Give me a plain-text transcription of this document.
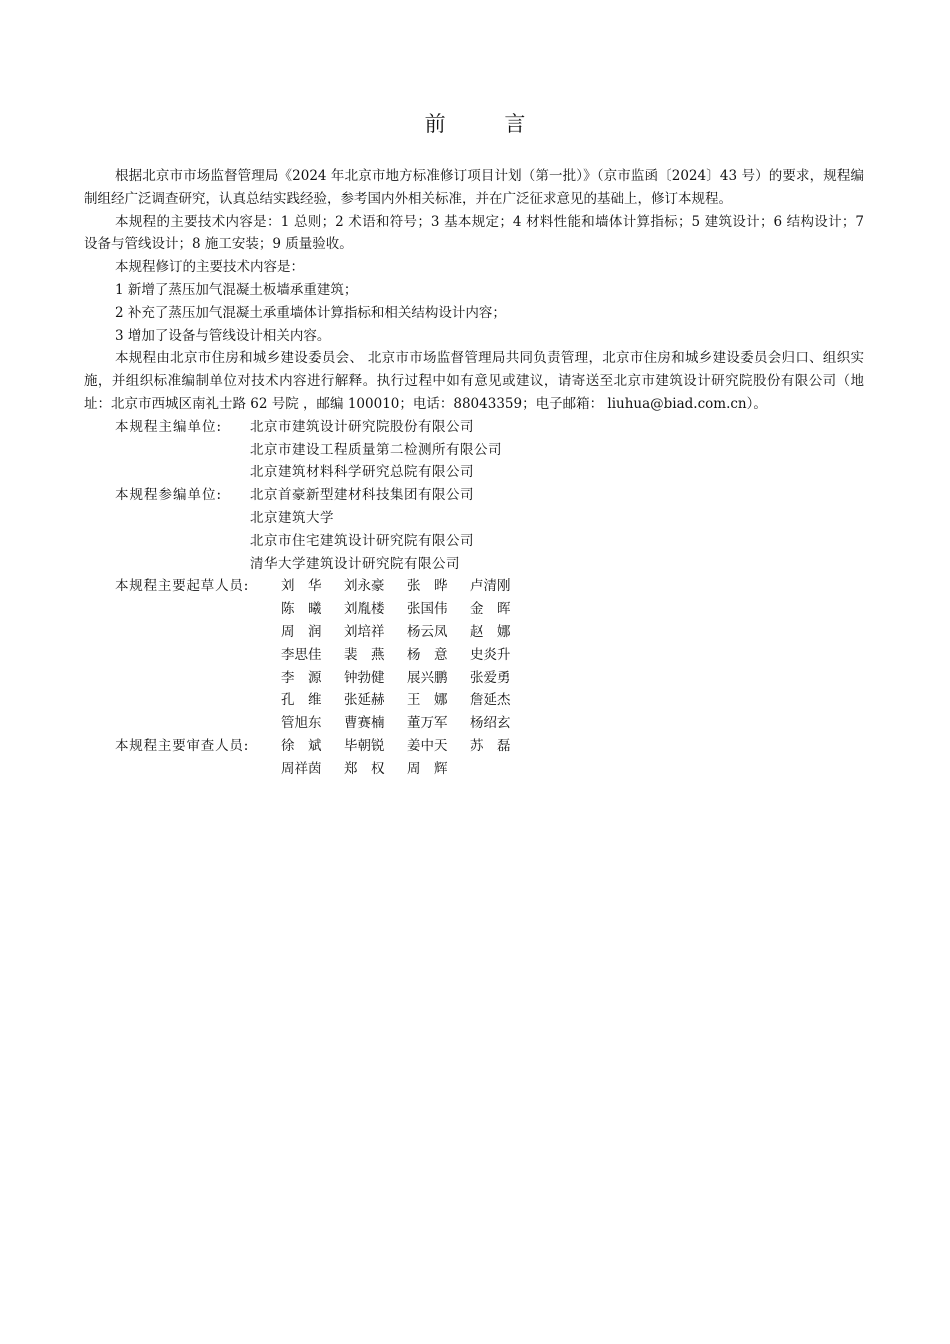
前 言

根据北京市市场监督管理局《2024 年北京市地方标准修订项目计划（第一批）》（京市监函〔2024〕43 号）的要求，规程编制组经广泛调查研究，认真总结实践经验，参考国内外相关标准，并在广泛征求意见的基础上，修订本规程。

本规程的主要技术内容是：1 总则；2 术语和符号；3 基本规定；4 材料性能和墙体计算指标；5 建筑设计；6 结构设计；7 设备与管线设计；8 施工安装；9 质量验收。

本规程修订的主要技术内容是：

1 新增了蒸压加气混凝土板墙承重建筑；

2 补充了蒸压加气混凝土承重墙体计算指标和相关结构设计内容；

3 增加了设备与管线设计相关内容。

本规程由北京市住房和城乡建设委员会、 北京市市场监督管理局共同负责管理，北京市住房和城乡建设委员会归口、组织实施，并组织标准编制单位对技术内容进行解释。执行过程中如有意见或建议，请寄送至北京市建筑设计研究院股份有限公司（地址：北京市西城区南礼士路 62 号院 ，邮编 100010；电话：88043359；电子邮箱： liuhua@biad.com.cn）。

本规程主编单位:	北京市建筑设计研究院股份有限公司
北京市建设工程质量第二检测所有限公司
北京建筑材料科学研究总院有限公司
本规程参编单位:	北京首豪新型建材科技集团有限公司
北京建筑大学
北京市住宅建筑设计研究院有限公司
清华大学建筑设计研究院有限公司
本规程主要起草人员:	刘　华	刘永豪	张　晔	卢清刚
陈　曦	刘胤楼	张国伟	金　晖
周　润	刘培祥	杨云凤	赵　娜
李思佳	裴　燕	杨　意	史炎升
李　源	钟勃健	展兴鹏	张爱勇
孔　维	张延赫	王　娜	詹延杰
管旭东	曹赛楠	董万军	杨绍玄
本规程主要审查人员:	徐　斌	毕朝锐	姜中天	苏　磊
周祥茵	郑　权	周　辉
